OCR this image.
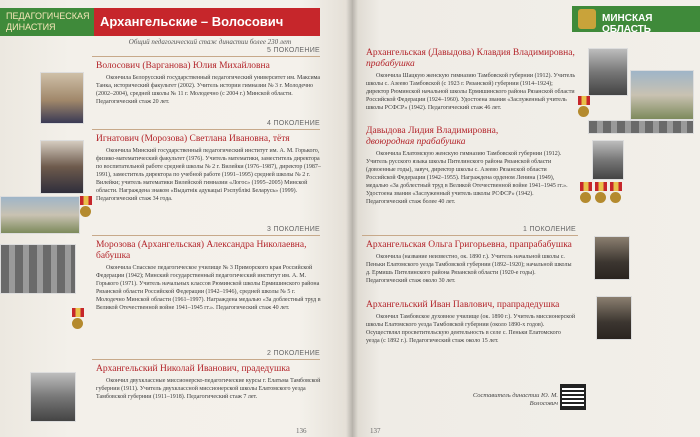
ПЕДАГОГИЧЕСКАЯ ДИНАСТИЯ	Архангельские – Волосович
Общий педагогический стаж династии более 230 лет
5 ПОКОЛЕНИЕ
Волосович (Варганова) Юлия Михайловна
Окончила Белорусский государственный педагогический университет им. Максима Танка, исторический факультет (2002). Учитель истории гимназии № 3 г. Молодечно (2002–2004), средней школы № 11 г. Молодечно (с 2004 г.) Минской области. Педагогический стаж 20 лет.
4 ПОКОЛЕНИЕ
Игнатович (Морозова) Светлана Ивановна, тётя
Окончила Минский государственный педагогический институт им. А. М. Горького, физико-математический факультет (1976). Учитель математики, заместитель директора по воспитательной работе средней школы № 2 г. Вилейки (1976–1987), директор (1987–1991), заместитель директора по учебной работе (1991–1995) средней школы № 2 г. Вилейки; учитель математики Вилейской гимназии «Логос» (1995–2005) Минской области. Награждена знаком «Выдатнік адукацыі Рэспублікі Беларусь» (1999). Педагогический стаж 34 года.
3 ПОКОЛЕНИЕ
Морозова (Архангельская) Александра Николаевна, бабушка
Окончила Спасское педагогическое училище № 3 Приморского края Российской Федерации (1942); Минский государственный педагогический институт им. А. М. Горького (1971). Учитель начальных классов Рюминской школы Ермишинского района Рязанской области Российской Федерации (1942–1946), средней школы № 5 г. Молодечно Минской области (1961–1997). Награждена медалью «За доблестный труд в Великой Отечественной войне 1941–1945 гг.». Педагогический стаж 40 лет.
2 ПОКОЛЕНИЕ
Архангельский Николай Иванович, прадедушка
Окончил двухклассные миссионерско-педагогические курсы г. Елатьма Тамбовской губернии (1911). Учитель двухклассной миссионерской школы Елатомского уезда Тамбовской губернии (1911–1918). Педагогический стаж 7 лет.
136
МИНСКАЯ ОБЛАСТЬ
Архангельская (Давыдова) Клавдия Владимировна,
прабабушка
Окончила Шацкую женскую гимназию Тамбовской губернии (1912). Учитель школы с. Азеево Тамбовской (с 1923 г. Рязанской) губернии (1914–1924); директор Рюминской начальной школы Ермишинского района Рязанской области Российской Федерации (1924–1960). Удостоена звания «Заслуженный учитель школы РСФСР» (1942). Педагогический стаж 46 лет.
Давыдова Лидия Владимировна,
двоюродная прабабушка
Окончила Елатомскую женскую гимназию Тамбовской губернии (1912). Учитель русского языка школы Пителинского района Рязанской области (довоенные годы), завуч, директор школы с. Азеево Рязанской области Российской Федерации (1942–1955). Награждена орденом Ленина (1949), медалью «За доблестный труд в Великой Отечественной войне 1941–1945 гг.». Удостоена звания «Заслуженный учитель школы РСФСР» (1942). Педагогический стаж более 40 лет.
1 ПОКОЛЕНИЕ
Архангельская Ольга Григорьевна, прапрабабушка
Окончила (название неизвестно, ок. 1890 г.). Учитель начальной школы с. Пеньки Елатомского уезда Тамбовской губернии (1892–1920); начальной школы д. Ермишь Пителинского района Рязанской области (1920-е годы). Педагогический стаж около 30 лет.
Архангельский Иван Павлович, прапрадедушка
Окончил Тамбовское духовное училище (ок. 1890 г.). Учитель миссионерской школы Елатомского уезда Тамбовской губернии (около 1890-х годов). Осуществлял просветительскую деятельность в селе с. Пеньки Елатомского уезда (с 1892 г.). Педагогический стаж около 15 лет.
Составитель династии Ю. М. Волосович
137
